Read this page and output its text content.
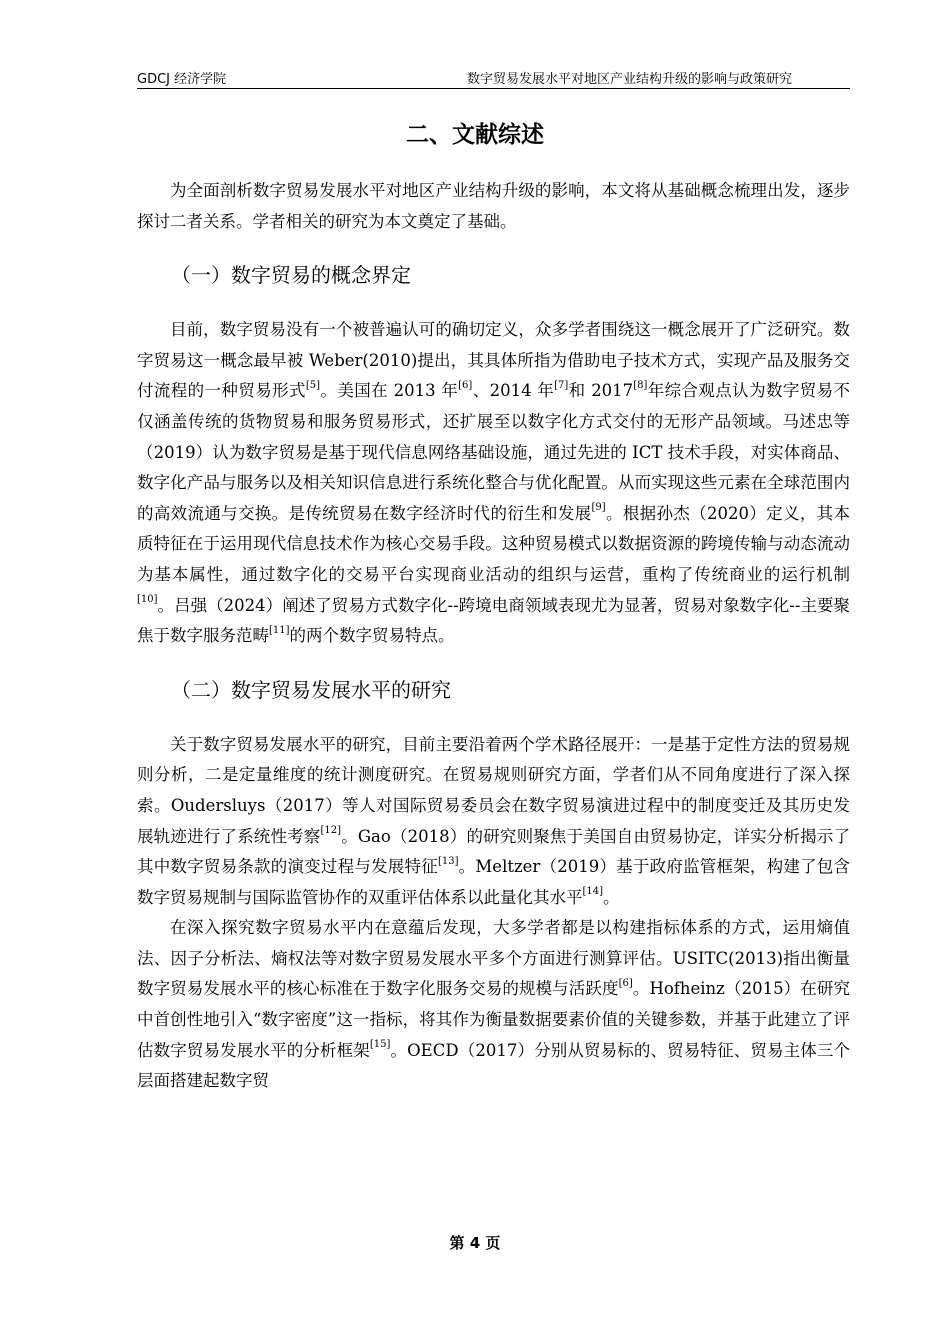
GDCJ 经济学院	数字贸易发展水平对地区产业结构升级的影响与政策研究
二、文献综述

为全面剖析数字贸易发展水平对地区产业结构升级的影响，本文将从基础概念梳理出发，逐步探讨二者关系。学者相关的研究为本文奠定了基础。

（一）数字贸易的概念界定

目前，数字贸易没有一个被普遍认可的确切定义，众多学者围绕这一概念展开了广泛研究。数字贸易这一概念最早被 Weber(2010)提出，其具体所指为借助电子技术方式，实现产品及服务交付流程的一种贸易形式[5]。美国在 2013 年[6]、2014 年[7]和 2017[8]年综合观点认为数字贸易不仅涵盖传统的货物贸易和服务贸易形式，还扩展至以数字化方式交付的无形产品领域。马述忠等（2019）认为数字贸易是基于现代信息网络基础设施，通过先进的 ICT 技术手段，对实体商品、数字化产品与服务以及相关知识信息进行系统化整合与优化配置。从而实现这些元素在全球范围内的高效流通与交换。是传统贸易在数字经济时代的衍生和发展[9]。根据孙杰（2020）定义，其本质特征在于运用现代信息技术作为核心交易手段。这种贸易模式以数据资源的跨境传输与动态流动为基本属性，通过数字化的交易平台实现商业活动的组织与运营，重构了传统商业的运行机制[10]。吕强（2024）阐述了贸易方式数字化--跨境电商领域表现尤为显著，贸易对象数字化--主要聚焦于数字服务范畴[11]的两个数字贸易特点。

（二）数字贸易发展水平的研究

关于数字贸易发展水平的研究，目前主要沿着两个学术路径展开：一是基于定性方法的贸易规则分析，二是定量维度的统计测度研究。在贸易规则研究方面，学者们从不同角度进行了深入探索。Oudersluys（2017）等人对国际贸易委员会在数字贸易演进过程中的制度变迁及其历史发展轨迹进行了系统性考察[12]。Gao（2018）的研究则聚焦于美国自由贸易协定，详实分析揭示了其中数字贸易条款的演变过程与发展特征[13]。Meltzer（2019）基于政府监管框架，构建了包含数字贸易规制与国际监管协作的双重评估体系以此量化其水平[14]。

在深入探究数字贸易水平内在意蕴后发现，大多学者都是以构建指标体系的方式，运用熵值法、因子分析法、熵权法等对数字贸易发展水平多个方面进行测算评估。USITC(2013)指出衡量数字贸易发展水平的核心标准在于数字化服务交易的规模与活跃度[6]。Hofheinz（2015）在研究中首创性地引入“数字密度”这一指标，将其作为衡量数据要素价值的关键参数，并基于此建立了评估数字贸易发展水平的分析框架[15]。OECD（2017）分别从贸易标的、贸易特征、贸易主体三个层面搭建起数字贸

第 4 页
